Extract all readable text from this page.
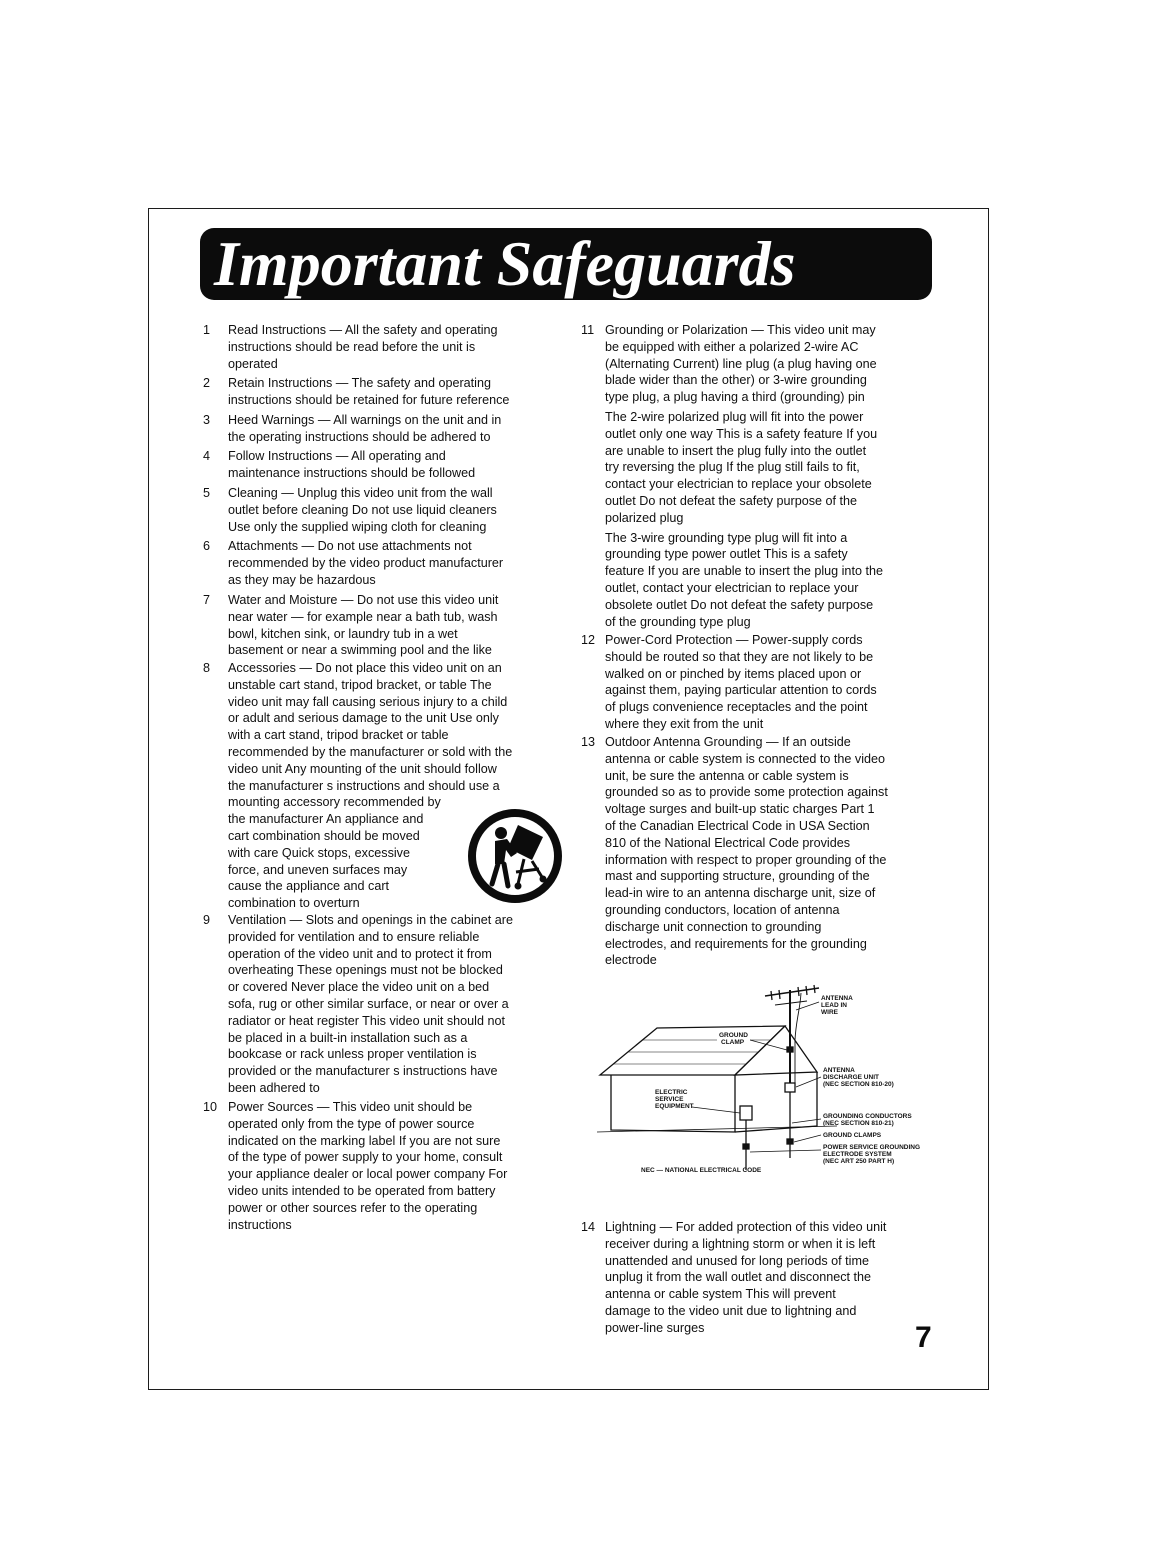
Important Safeguards
1 Read Instructions — All the safety and operating
instructions should be read before the unit is
operated
2 Retain Instructions — The safety and operating
instructions should be retained for future reference
3 Heed Warnings — All warnings on the unit and in
the operating instructions should be adhered to
4 Follow Instructions — All operating and
maintenance instructions should be followed
5 Cleaning — Unplug this video unit from the wall
outlet before cleaning Do not use liquid cleaners
Use only the supplied wiping cloth for cleaning
6 Attachments — Do not use attachments not
recommended by the video product manufacturer
as they may be hazardous
7 Water and Moisture — Do not use this video unit
near water — for example near a bath tub, wash
bowl, kitchen sink, or laundry tub in a wet
basement or near a swimming pool and the like
8 Accessories — Do not place this video unit on an
unstable cart stand, tripod bracket, or table The
video unit may fall causing serious injury to a child
or adult and serious damage to the unit Use only
with a cart stand, tripod bracket or table
recommended by the manufacturer or sold with the
video unit Any mounting of the unit should follow
the manufacturer s instructions and should use a
mounting accessory recommended by
the manufacturer An appliance and
cart combination should be moved
with care Quick stops, excessive
force, and uneven surfaces may
cause the appliance and cart
combination to overturn
9 Ventilation — Slots and openings in the cabinet are
provided for ventilation and to ensure reliable
operation of the video unit and to protect it from
overheating These openings must not be blocked
or covered Never place the video unit on a bed
sofa, rug or other similar surface, or near or over a
radiator or heat register This video unit should not
be placed in a built-in installation such as a
bookcase or rack unless proper ventilation is
provided or the manufacturer s instructions have
been adhered to
10 Power Sources — This video unit should be
operated only from the type of power source
indicated on the marking label If you are not sure
of the type of power supply to your home, consult
your appliance dealer or local power company For
video units intended to be operated from battery
power or other sources refer to the operating
instructions
11 Grounding or Polarization — This video unit may
be equipped with either a polarized 2-wire AC
(Alternating Current) line plug (a plug having one
blade wider than the other) or 3-wire grounding
type plug, a plug having a third (grounding) pin
The 2-wire polarized plug will fit into the power
outlet only one way This is a safety feature If you
are unable to insert the plug fully into the outlet
try reversing the plug If the plug still fails to fit,
contact your electrician to replace your obsolete
outlet Do not defeat the safety purpose of the
polarized plug
The 3-wire grounding type plug will fit into a
grounding type power outlet This is a safety
feature If you are unable to insert the plug into the
outlet, contact your electrician to replace your
obsolete outlet Do not defeat the safety purpose
of the grounding type plug
12 Power-Cord Protection — Power-supply cords
should be routed so that they are not likely to be
walked on or pinched by items placed upon or
against them, paying particular attention to cords
of plugs convenience receptacles and the point
where they exit from the unit
13 Outdoor Antenna Grounding — If an outside
antenna or cable system is connected to the video
unit, be sure the antenna or cable system is
grounded so as to provide some protection against
voltage surges and built-up static charges Part 1
of the Canadian Electrical Code in USA Section
810 of the National Electrical Code provides
information with respect to proper grounding of the
mast and supporting structure, grounding of the
lead-in wire to an antenna discharge unit, size of
grounding conductors, location of antenna
discharge unit connection to grounding
electrodes, and requirements for the grounding
electrode
14 Lightning — For added protection of this video unit
receiver during a lightning storm or when it is left
unattended and unused for long periods of time
unplug it from the wall outlet and disconnect the
antenna or cable system This will prevent
damage to the video unit due to lightning and
power-line surges
ANTENNA
LEAD IN
WIRE
GROUND
CLAMP
ANTENNA
DISCHARGE UNIT
(NEC SECTION 810-20)
ELECTRIC
SERVICE
EQUIPMENT
GROUNDING CONDUCTORS
(NEC SECTION 810-21)
GROUND CLAMPS
POWER SERVICE GROUNDING
ELECTRODE SYSTEM
(NEC ART 250 PART H)
NEC — NATIONAL ELECTRICAL CODE
7
